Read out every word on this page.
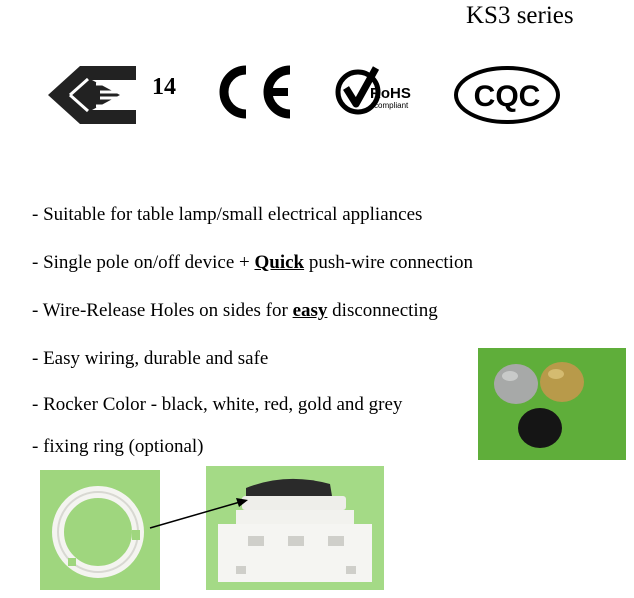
KS3 series
14	RoHS
compliant CQC
- Suitable for table lamp/small electrical appliances
- Single pole on/off device + Quick push-wire connection
- Wire-Release Holes on sides for easy disconnecting
- Easy wiring, durable and safe
- Rocker Color - black, white, red, gold and grey
- fixing ring (optional)
